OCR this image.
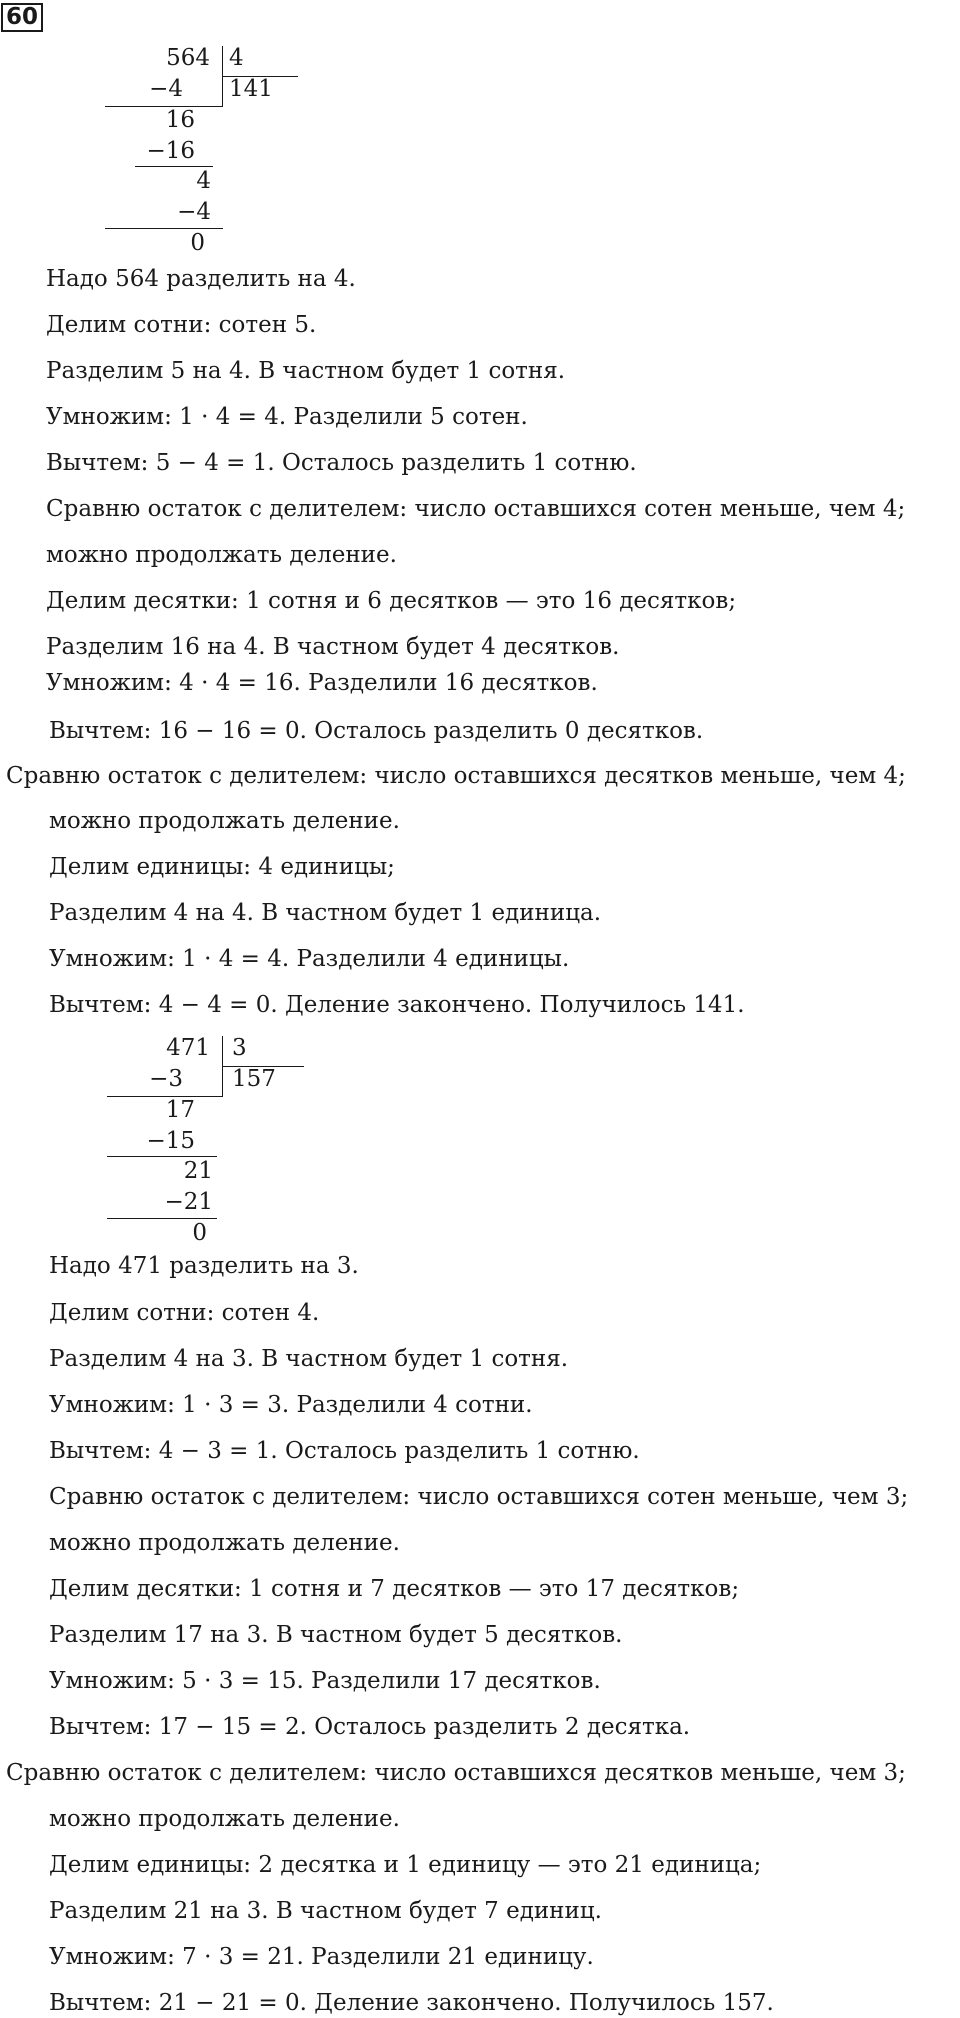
60
564 4
141
−4
16
−16
4
−4
0
Надо 564 разделить на 4.
Делим сотни: сотен 5.
Разделим 5 на 4. В частном будет 1 сотня.
Умножим: 1 · 4 = 4. Разделили 5 сотен.
Вычтем: 5 − 4 = 1. Осталось разделить 1 сотню.
Сравню остаток с делителем: число оставшихся сотен меньше, чем 4;
можно продолжать деление.
Делим десятки: 1 сотня и 6 десятков — это 16 десятков;
Разделим 16 на 4. В частном будет 4 десятков.
Умножим: 4 · 4 = 16. Разделили 16 десятков.
Вычтем: 16 − 16 = 0. Осталось разделить 0 десятков.
Сравню остаток с делителем: число оставшихся десятков меньше, чем 4;
можно продолжать деление.
Делим единицы: 4 единицы;
Разделим 4 на 4. В частном будет 1 единица.
Умножим: 1 · 4 = 4. Разделили 4 единицы.
Вычтем: 4 − 4 = 0. Деление закончено. Получилось 141.
471 3
157
−3
17
−15
21
−21
0
Надо 471 разделить на 3.
Делим сотни: сотен 4.
Разделим 4 на 3. В частном будет 1 сотня.
Умножим: 1 · 3 = 3. Разделили 4 сотни.
Вычтем: 4 − 3 = 1. Осталось разделить 1 сотню.
Сравню остаток с делителем: число оставшихся сотен меньше, чем 3;
можно продолжать деление.
Делим десятки: 1 сотня и 7 десятков — это 17 десятков;
Разделим 17 на 3. В частном будет 5 десятков.
Умножим: 5 · 3 = 15. Разделили 17 десятков.
Вычтем: 17 − 15 = 2. Осталось разделить 2 десятка.
Сравню остаток с делителем: число оставшихся десятков меньше, чем 3;
можно продолжать деление.
Делим единицы: 2 десятка и 1 единицу — это 21 единица;
Разделим 21 на 3. В частном будет 7 единиц.
Умножим: 7 · 3 = 21. Разделили 21 единицу.
Вычтем: 21 − 21 = 0. Деление закончено. Получилось 157.
